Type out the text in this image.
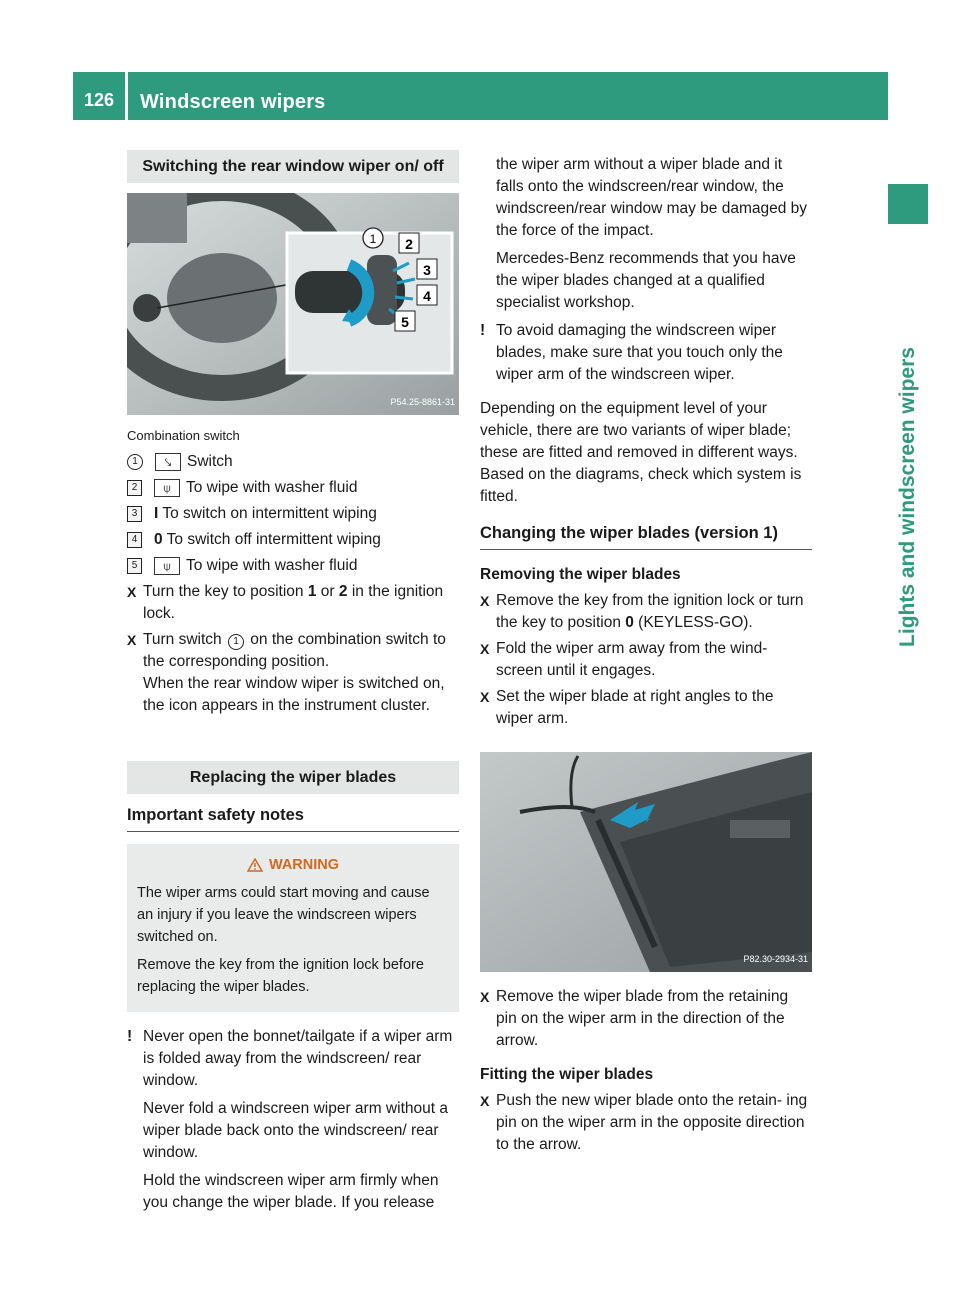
126	Windscreen wipers
Lights and windscreen wipers
Switching the rear window wiper on/ off
1 2
3
4
5
P54.25-8861-31
Combination switch
1	⤥	Switch
2	⍦ To wipe with washer fluid
3	I To switch on intermittent wiping
4	0 To switch off intermittent wiping
5	⍦ To wipe with washer fluid
X Turn the key to position 1 or 2 in the ignition lock.
X Turn switch 1 on the combination switch to the corresponding position.
When the rear window wiper is switched on, the icon appears in the instrument cluster.
Replacing the wiper blades
Important safety notes
WARNING

The wiper arms could start moving and cause an injury if you leave the windscreen wipers switched on.

Remove the key from the ignition lock before replacing the wiper blades.

! Never open the bonnet/tailgate if a wiper arm is folded away from the windscreen/ rear window.

Never fold a windscreen wiper arm without a wiper blade back onto the windscreen/ rear window.

Hold the windscreen wiper arm firmly when you change the wiper blade. If you release

the wiper arm without a wiper blade and it falls onto the windscreen/rear window, the windscreen/rear window may be damaged by the force of the impact.

Mercedes-Benz recommends that you have the wiper blades changed at a qualified specialist workshop.

! To avoid damaging the windscreen wiper blades, make sure that you touch only the wiper arm of the windscreen wiper.

Depending on the equipment level of your vehicle, there are two variants of wiper blade; these are fitted and removed in different ways. Based on the diagrams, check which system is fitted.

Changing the wiper blades (version 1)
Removing the wiper blades
X Remove the key from the ignition lock or turn the key to position 0 (KEYLESS-GO).
X Fold the wiper arm away from the wind- screen until it engages.
X Set the wiper blade at right angles to the wiper arm.
P82.30-2934-31
X Remove the wiper blade from the retaining pin on the wiper arm in the direction of the arrow.
Fitting the wiper blades
X Push the new wiper blade onto the retain- ing pin on the wiper arm in the opposite direction to the arrow.
